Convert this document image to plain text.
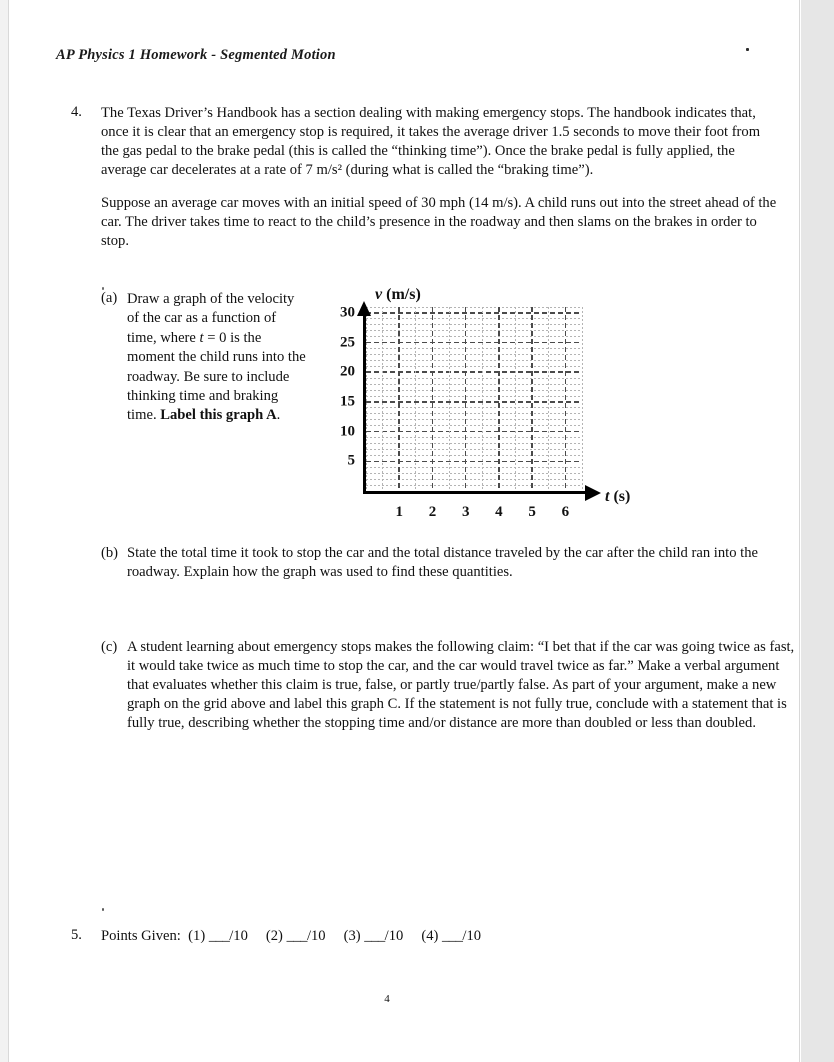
AP Physics 1 Homework - Segmented Motion
4.	The Texas Driver’s Handbook has a section dealing with making emergency stops. The handbook indicates that, once it is clear that an emergency stop is required, it takes the average driver 1.5 seconds to move their foot from the gas pedal to the brake pedal (this is called the “thinking time”). Once the brake pedal is fully applied, the average car decelerates at a rate of 7 m/s² (during what is called the “braking time”).

Suppose an average car moves with an initial speed of 30 mph (14 m/s). A child runs out into the street ahead of the car. The driver takes time to react to the child’s presence in the roadway and then slams on the brakes in order to stop.

(a) Draw a graph of the velocity of the car as a function of time, where t = 0 is the moment the child runs into the roadway. Be sure to include thinking time and braking time. Label this graph A.
v (m/s)
t (s)
5
10
15
20
25
30
1	2	3	4	5	6
(b) State the total time it took to stop the car and the total distance traveled by the car after the child ran into the roadway. Explain how the graph was used to find these quantities.
(c) A student learning about emergency stops makes the following claim: “I bet that if the car was going twice as fast, it would take twice as much time to stop the car, and the car would travel twice as far.” Make a verbal argument that evaluates whether this claim is true, false, or partly true/partly false. As part of your argument, make a new graph on the grid above and label this graph C. If the statement is not fully true, conclude with a statement that is fully true, describing whether the stopping time and/or distance are more than doubled or less than doubled.
5.	Points Given: (1) ___/10 (2) ___/10 (3) ___/10 (4) ___/10
4
